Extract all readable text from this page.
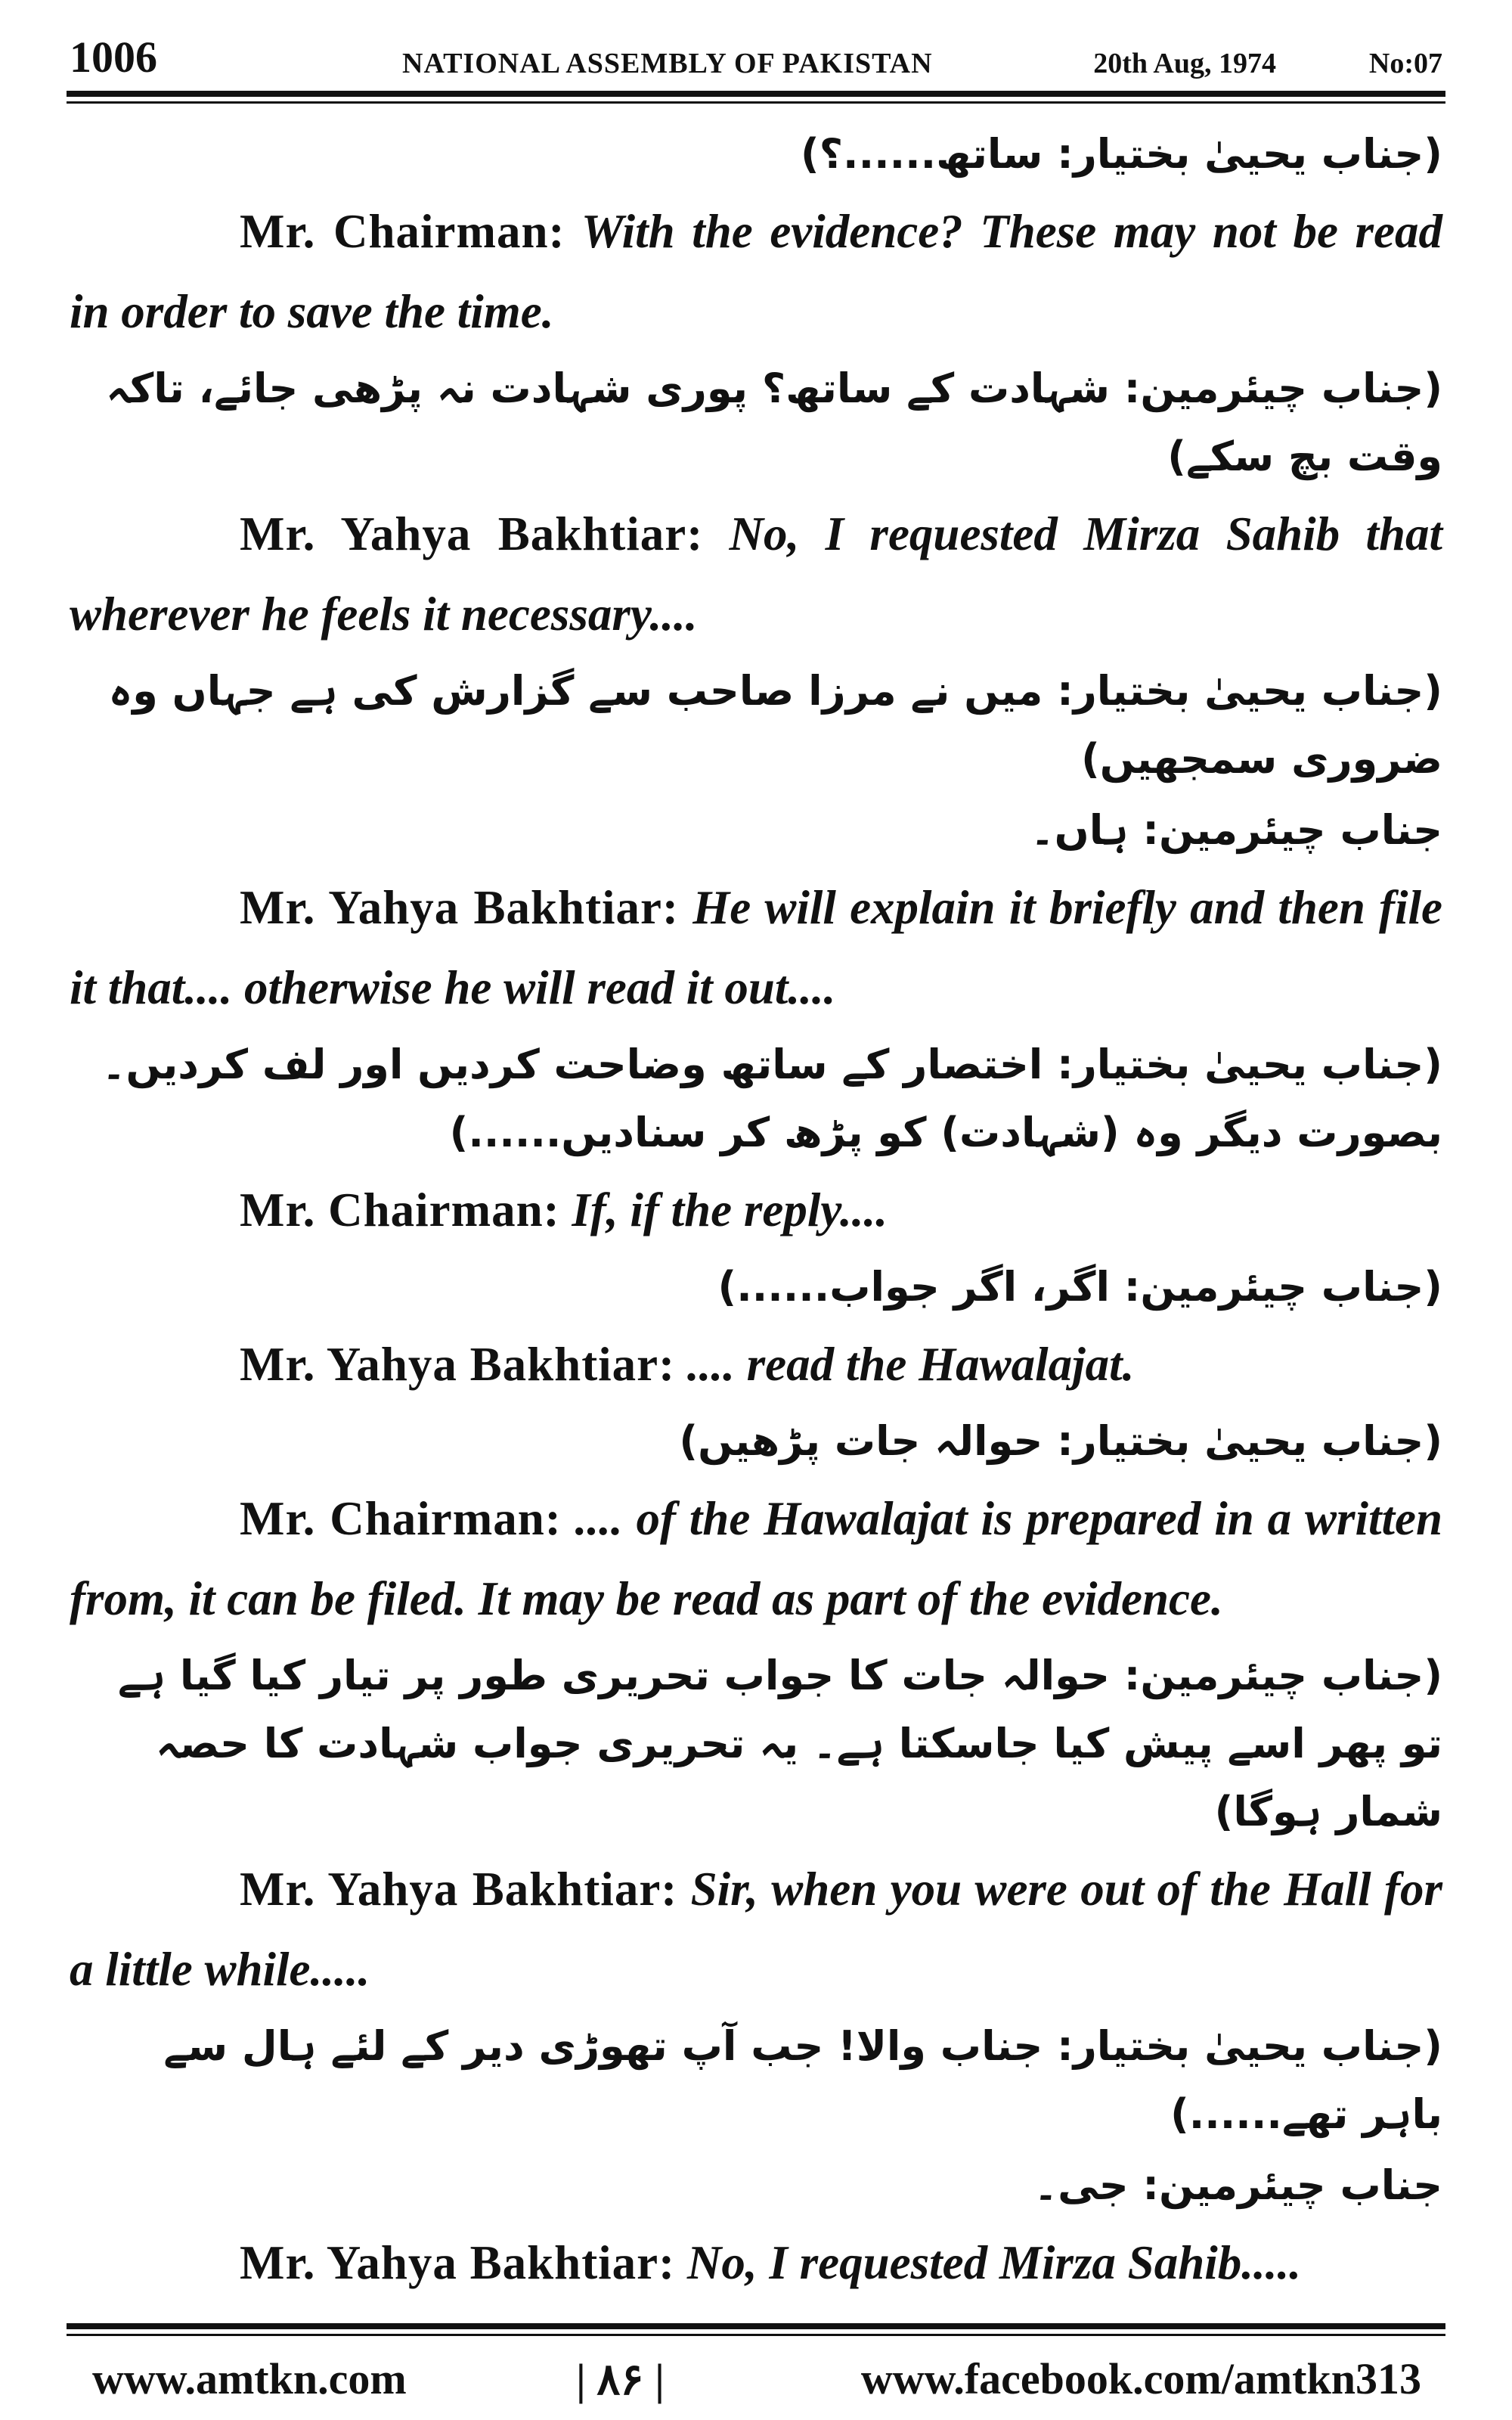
1006	NATIONAL ASSEMBLY OF PAKISTAN	20th Aug, 1974	No:07
(جناب یحییٰ بختیار: ساتھ......؟)
Mr. Chairman: With the evidence? These may not be read in order to save the time.
(جناب چیئرمین: شہادت کے ساتھ؟ پوری شہادت نہ پڑھی جائے، تاکہ وقت بچ سکے)
Mr. Yahya Bakhtiar: No, I requested Mirza Sahib that wherever he feels it necessary....
(جناب یحییٰ بختیار: میں نے مرزا صاحب سے گزارش کی ہے جہاں وہ ضروری سمجھیں)
جناب چیئرمین: ہاں۔
Mr. Yahya Bakhtiar: He will explain it briefly and then file it that.... otherwise he will read it out....
(جناب یحییٰ بختیار: اختصار کے ساتھ وضاحت کردیں اور لف کردیں۔ بصورت دیگر وہ (شہادت) کو پڑھ کر سنادیں......)
Mr. Chairman: If, if the reply....
(جناب چیئرمین: اگر، اگر جواب......)
Mr. Yahya Bakhtiar: .... read the Hawalajat.
(جناب یحییٰ بختیار: حوالہ جات پڑھیں)
Mr. Chairman: .... of the Hawalajat is prepared in a written from, it can be filed. It may be read as part of the evidence.
(جناب چیئرمین: حوالہ جات کا جواب تحریری طور پر تیار کیا گیا ہے تو پھر اسے پیش کیا جاسکتا ہے۔ یہ تحریری جواب شہادت کا حصہ شمار ہوگا)
Mr. Yahya Bakhtiar: Sir, when you were out of the Hall for a little while.....
(جناب یحییٰ بختیار: جناب والا! جب آپ تھوڑی دیر کے لئے ہال سے باہر تھے......)
جناب چیئرمین: جی۔
Mr. Yahya Bakhtiar: No, I requested Mirza Sahib.....
www.amtkn.com	| ۸۶ |	www.facebook.com/amtkn313
